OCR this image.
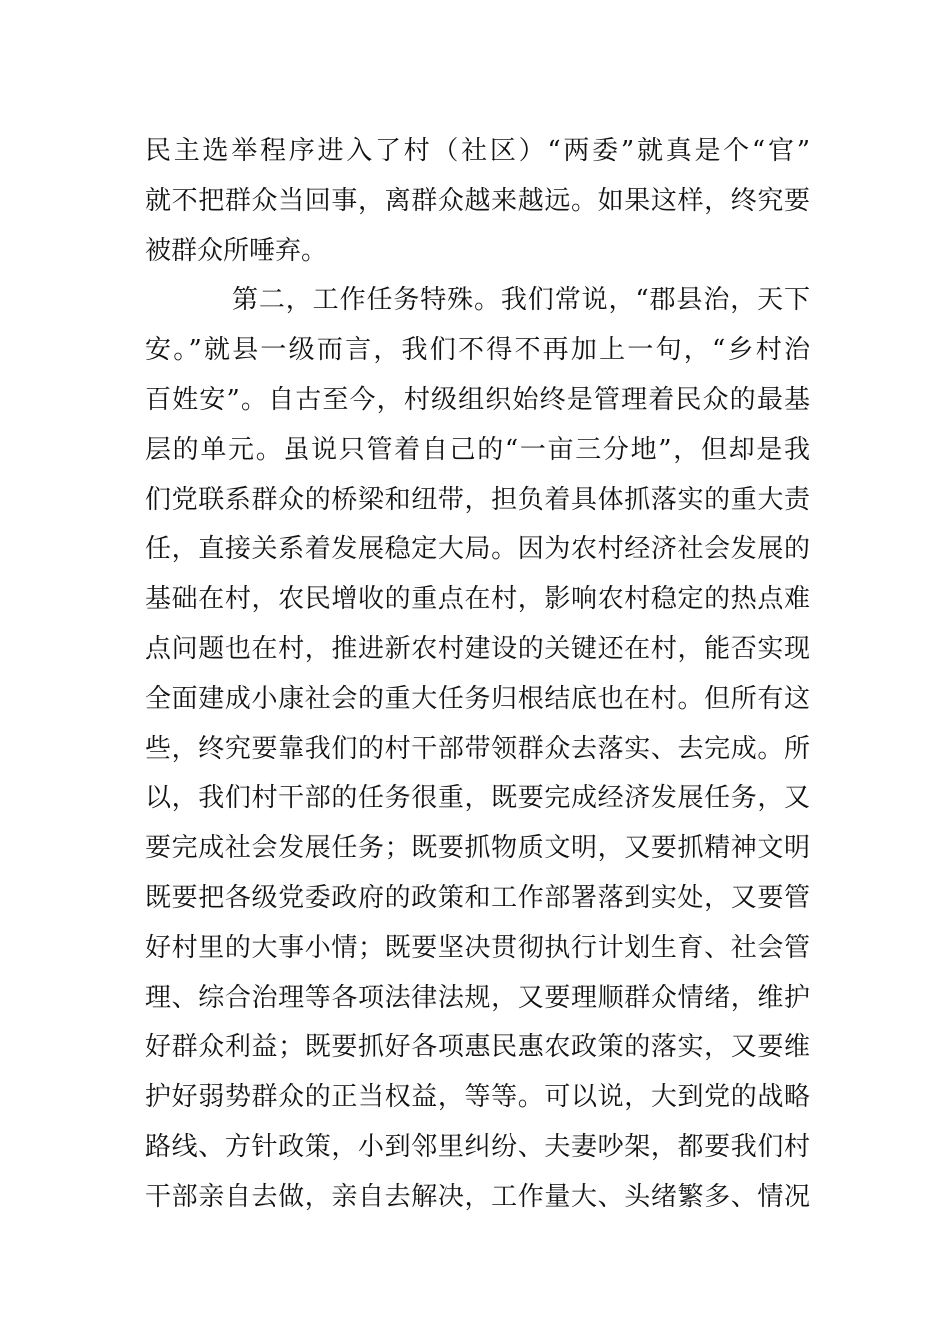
民主选举程序进入了村（社区）“两委”就真是个“官”
就不把群众当回事，离群众越来越远。如果这样，终究要
被群众所唾弃。
第二，工作任务特殊。我们常说，“郡县治，天下
安。”就县一级而言，我们不得不再加上一句，“乡村治
百姓安”。自古至今，村级组织始终是管理着民众的最基
层的单元。虽说只管着自己的“一亩三分地”，但却是我
们党联系群众的桥梁和纽带，担负着具体抓落实的重大责
任，直接关系着发展稳定大局。因为农村经济社会发展的
基础在村，农民增收的重点在村，影响农村稳定的热点难
点问题也在村，推进新农村建设的关键还在村，能否实现
全面建成小康社会的重大任务归根结底也在村。但所有这
些，终究要靠我们的村干部带领群众去落实、去完成。所
以，我们村干部的任务很重，既要完成经济发展任务，又
要完成社会发展任务；既要抓物质文明，又要抓精神文明
既要把各级党委政府的政策和工作部署落到实处，又要管
好村里的大事小情；既要坚决贯彻执行计划生育、社会管
理、综合治理等各项法律法规，又要理顺群众情绪，维护
好群众利益；既要抓好各项惠民惠农政策的落实，又要维
护好弱势群众的正当权益，等等。可以说，大到党的战略
路线、方针政策，小到邻里纠纷、夫妻吵架，都要我们村
干部亲自去做，亲自去解决，工作量大、头绪繁多、情况
